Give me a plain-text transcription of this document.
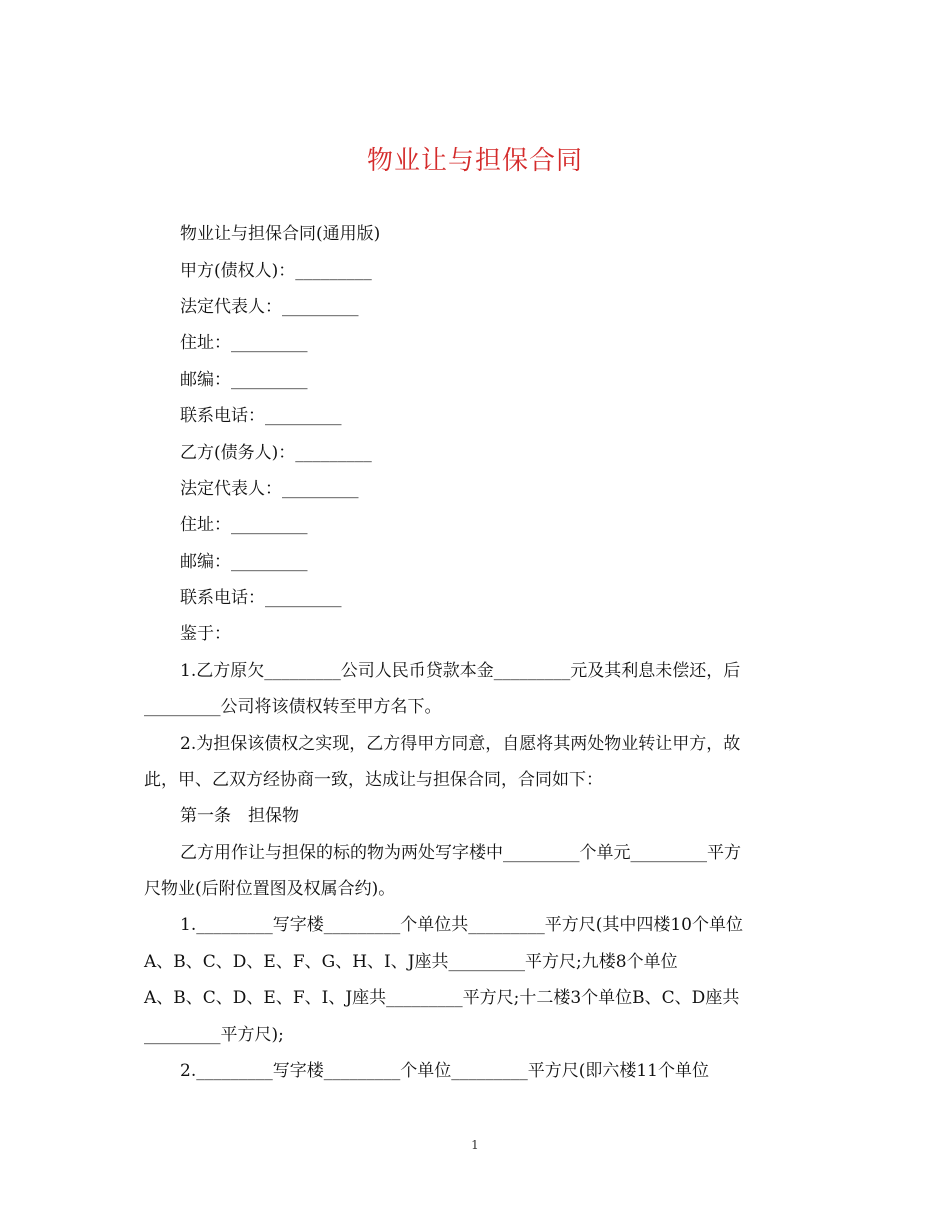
物业让与担保合同
物业让与担保合同(通用版)
甲方(债权人)：_________
法定代表人：_________
住址：_________
邮编：_________
联系电话：_________
乙方(债务人)：_________
法定代表人：_________
住址：_________
邮编：_________
联系电话：_________
鉴于：
1.乙方原欠_________公司人民币贷款本金_________元及其利息未偿还，后
_________公司将该债权转至甲方名下。
2.为担保该债权之实现，乙方得甲方同意，自愿将其两处物业转让甲方，故
此，甲、乙双方经协商一致，达成让与担保合同，合同如下：
第一条　担保物
乙方用作让与担保的标的物为两处写字楼中_________个单元_________平方
尺物业(后附位置图及权属合约)。
1._________写字楼_________个单位共_________平方尺(其中四楼10个单位
A、B、C、D、E、F、G、H、I、J座共_________平方尺;九楼8个单位
A、B、C、D、E、F、I、J座共_________平方尺;十二楼3个单位B、C、D座共
_________平方尺);
2._________写字楼_________个单位_________平方尺(即六楼11个单位
1
